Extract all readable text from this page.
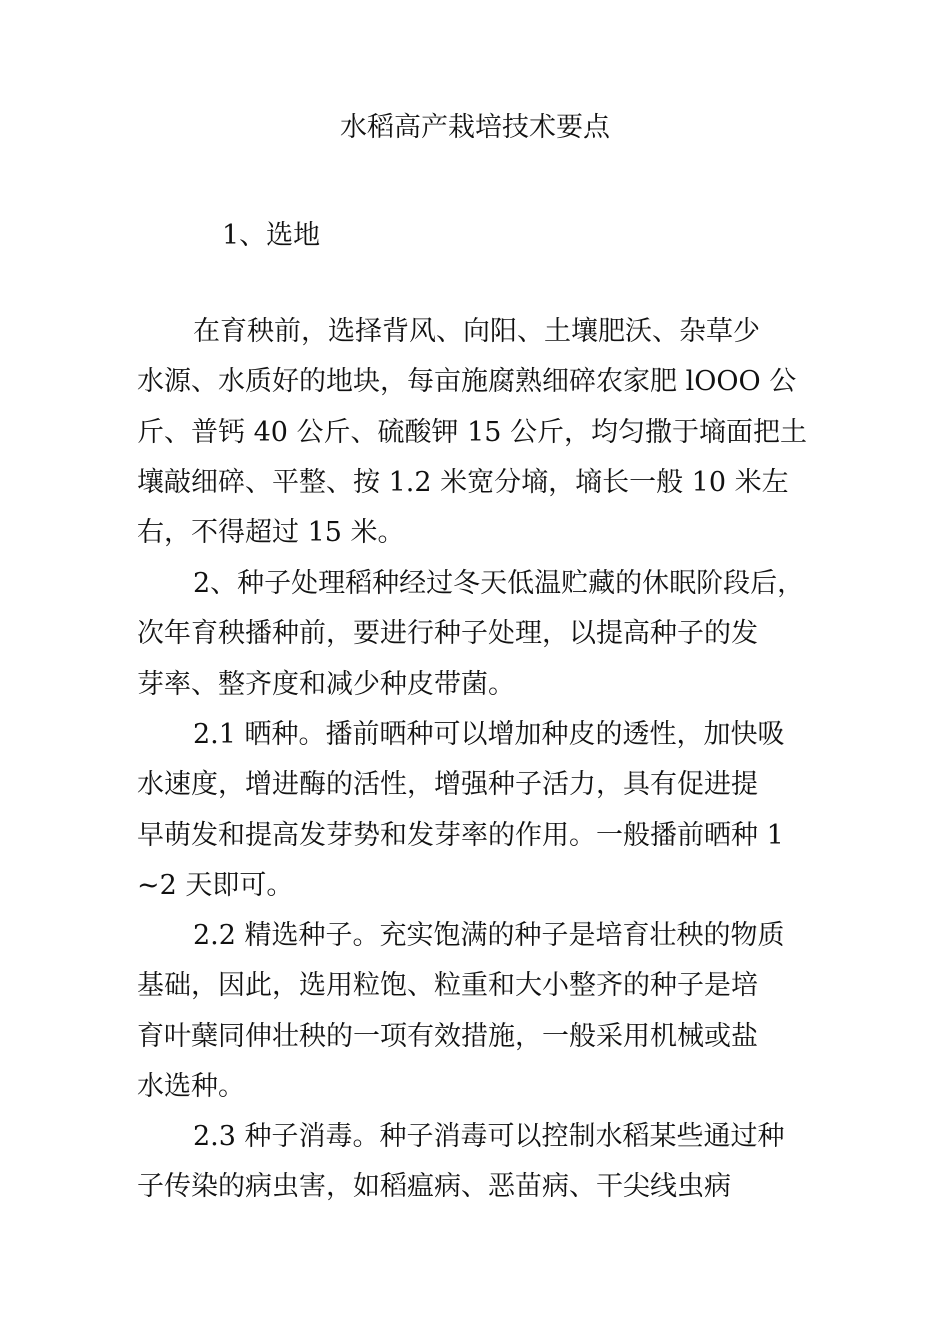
水稻高产栽培技术要点
1、选地
在育秧前，选择背风、向阳、土壤肥沃、杂草少
水源、水质好的地块，每亩施腐熟细碎农家肥 lOOO 公
斤、普钙 40 公斤、硫酸钾 15 公斤，均匀撒于墒面把土
壤敲细碎、平整、按 1.2 米宽分墒，墒长一般 10 米左
右，不得超过 15 米。
2、种子处理稻种经过冬天低温贮藏的休眠阶段后，
次年育秧播种前，要进行种子处理，以提高种子的发
芽率、整齐度和减少种皮带菌。
2.1 晒种。播前晒种可以增加种皮的透性，加快吸
水速度，增进酶的活性，增强种子活力，具有促进提
早萌发和提高发芽势和发芽率的作用。一般播前晒种 1
~2 天即可。
2.2 精选种子。充实饱满的种子是培育壮秧的物质
基础，因此，选用粒饱、粒重和大小整齐的种子是培
育叶蘖同伸壮秧的一项有效措施，一般采用机械或盐
水选种。
2.3 种子消毒。种子消毒可以控制水稻某些通过种
子传染的病虫害，如稻瘟病、恶苗病、干尖线虫病
